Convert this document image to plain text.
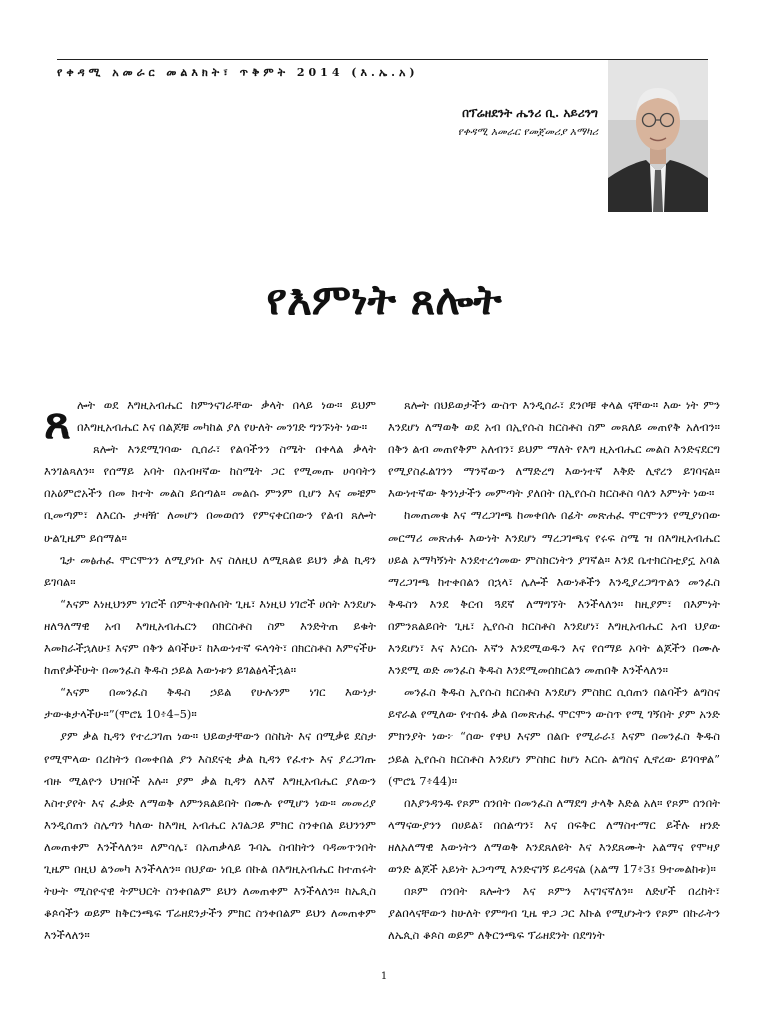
የቀዳሚ አመራር መልእክት፣ ጥቅምት 2014 (እ.ኤ.አ)
በፕሬዘደንት ሔንሪ ቢ. አይሪንግ
የቀዳሚ አመራር የመጀመሪያ አማካሪ
የእምነት ጸሎት

ጸሎት ወደ እግዚአብሔር ከምንናገራቸው ቃላት በላይ ነው። ይህም በእግዚአብሔር እና በልጆቹ መካከል ያለ የሁለት መንገድ ግንኙነት ነው።

ጸሎት እንደሚገባው ሲሰራ፣ የልባችንን ስሜት በቀላል ቃላት እንገልጻለን። የሰማይ አባት በአብዛኛው ከስሜት ጋር የሚመጡ ሀሳባትን በአዕምሮአችን በመ ክተት መልስ ይሰጣል። መልሱ ምንም ቢሆን እና መቼም ቢመጣም፣ ለእርሱ ታዛዥ ለመሆን በመወሰን የምናቀርበውን የልብ ጸሎት ሁልጊዜም ይሰማል።

ጌታ መፅሐፈ ሞርሞንን ለሚያነቡ እና ስለዚህ ለሚጸልዩ ይህን ቃል ኪዳን ይገባል።

“እናም እነዚህንም ነገሮች በምትቀበሉበት ጊዜ፣ እነዚህ ነገሮች ሀሰት እንደሆኑ ዘለዓለማዊ አብ እግዚአብሔርን በክርስቶስ ስም እንድትጠ ይቁት እመክራችኋለሁ፤ እናም በቅን ልባችሁ፣ ከእውነተኛ ፍላጎት፣ በክርስቶስ እምናችሁ ከጠየቃችሁት በመንፈስ ቅዱስ ኃይል እውነቱን ይገልፅላችኋል።

“እናም በመንፈስ ቅዱስ ኃይል የሁሉንም ነገር እውነታ ታውቁታላችሁ።”(ሞሮኒ 10፥4–5)።

ያም ቃል ኪዳን የተረጋገጠ ነው። ህይወታቸውን በስኬት እና በሚቃዩ ደስታ የሚሞላው በረከትን በመቀበል ያን እስደናቂ ቃል ኪዳን የፈተኑ እና ያረጋገጡ ብዙ ሚልዮን ህዝቦች አሉ። ያም ቃል ኪዳን ለእኛ እግዚአብሔር ያለውን እስተያየት እና ፈቃድ ለማወቅ ለምንጸልይበት በሙሉ የሚሆን ነው። መመሪያ እንዲሰጠን ስሌጣን ካለው ከእግዚ አብሔር አገልጋይ ምክር ስንቀበል ይህንንም ለመጠቀም እንችላለን። ለምሳሌ፣ በአጠቃላይ ጉባኤ ስብከትን ባዳመጥንበት ጊዜም በዚህ ልንመካ እንችላለን። በህያው ነቢይ በኩል በእግዚአብሔር ከተጠሩት ትሁት ሚስዮናዊ ትምህርት ስንቀበልም ይህን ለመጠቀም እንችላለን። ከኤጲስ ቆጶሳችን ወይም ከቅርንጫፍ ፕሬዘደንታችን ምክር ስንቀበልም ይህን ለመጠቀም እንችላለን።

ጸሎት በህይወታችን ውስጥ እንዲሰራ፣ ደንቦቹ ቀላል ናቸው። እው ነት ምን እንደሆነ ለማወቅ ወደ አብ በኢየሱስ ክርስቶስ ስም መጸለይ መጠየቅ አለብን። በቅን ልብ መጠየቅም አለብን፣ ይህም ማለት የእግ ዚአብሔር መልስ እንድናደርግ የሚያስፈልገንን ማንኛውን ለማድረግ እውነተኛ እቅድ ሊኖረን ይገባናል። እውነተኛው ቅንነታችን መምጣት ያለበት በኢየሱስ ክርስቶስ ባለን እምነት ነው።

ከመጠመቁ እና ማረጋገጫ ከመቀበሉ በፊት መጽሐፈ ሞርሞንን የሚያነበው መርማሪ መጽሐፉ እውነት እንደሆነ ማረጋገጫና የሩፍ ስሜ ዝ በእግዚአብሔር ሀይል አማካኝነት እንደተረጎመው ምስክርነትን ያገኛል። እንደ ቤተክርስቲያኗ አባል ማረጋገጫ ከተቀበልን በኋላ፣ ሌሎች እውነቶችን እንዲያረጋግጥልን መንፈስ ቅዱስን እንደ ቅርብ ጓደኛ ለማግኘት እንችላለን። ከዚያም፣ በእምነት በምንጸልይበት ጊዜ፣ ኢየሱስ ክርስቶስ እንደሆነ፣ እግዚአብሔር አብ ህያው እንደሆነ፣ እና እነርሱ እኛን እንደሚወዱን እና የሰማይ አባት ልጆችን በሙሉ እንደሚ ወድ መንፈስ ቅዱስ እንደሚመሰክርልን መጠበቅ እንችላለን።

መንፈስ ቅዱስ ኢየሱስ ክርስቶስ እንደሆነ ምስክር ሲሰጠን በልባችን ልግስና ይኖራል የሚለው የተሰፋ ቃል በመጽሐፈ ሞርሞን ውስጥ የሚ ገኝበት ያም አንድ ምክንያት ነው፦ “ሰው የዋህ እናም በልቡ የሚራራ፤ እናም በመንፈስ ቅዱስ ኃይል ኢየሱስ ክርስቶስ እንደሆነ ምስክር ከሆነ እርሱ ልግስና ሊኖረው ይገባዋል” (ሞሮኒ 7፥44)።

በእያንዳንዱ የጾም ሰንበት በመንፈስ ለማደግ ታላቅ እድል አለ። የጾም ሰንበት ላማናውያንን በሀይል፣ በሰልጣን፣ እና በፍቅር ለማስተማር ይችሉ ዘንድ ዘለአለማዊ እውነትን ለማወቅ እንደጸለዩት እና እንደጸሙት አልማና የሞዛያ ወንድ ልጆች አይነት አጋጣሚ እንድናገኝ ይረዳናል (አልማ 17፥3፤ 9ተመልከቱ)።

በጾም ሰንበት ጸሎትን እና ጾምን እናገናኛለን። ለድሆች በረከት፣ ያልበላናቸውን ከሁለት የምግብ ጊዜ ዋጋ ጋር እኩል የሚሆኑትን የጾም በኩራትን ለኤጲስ ቆጶስ ወይም ለቅርንጫፍ ፕሬዘደንት በደግነት

1
